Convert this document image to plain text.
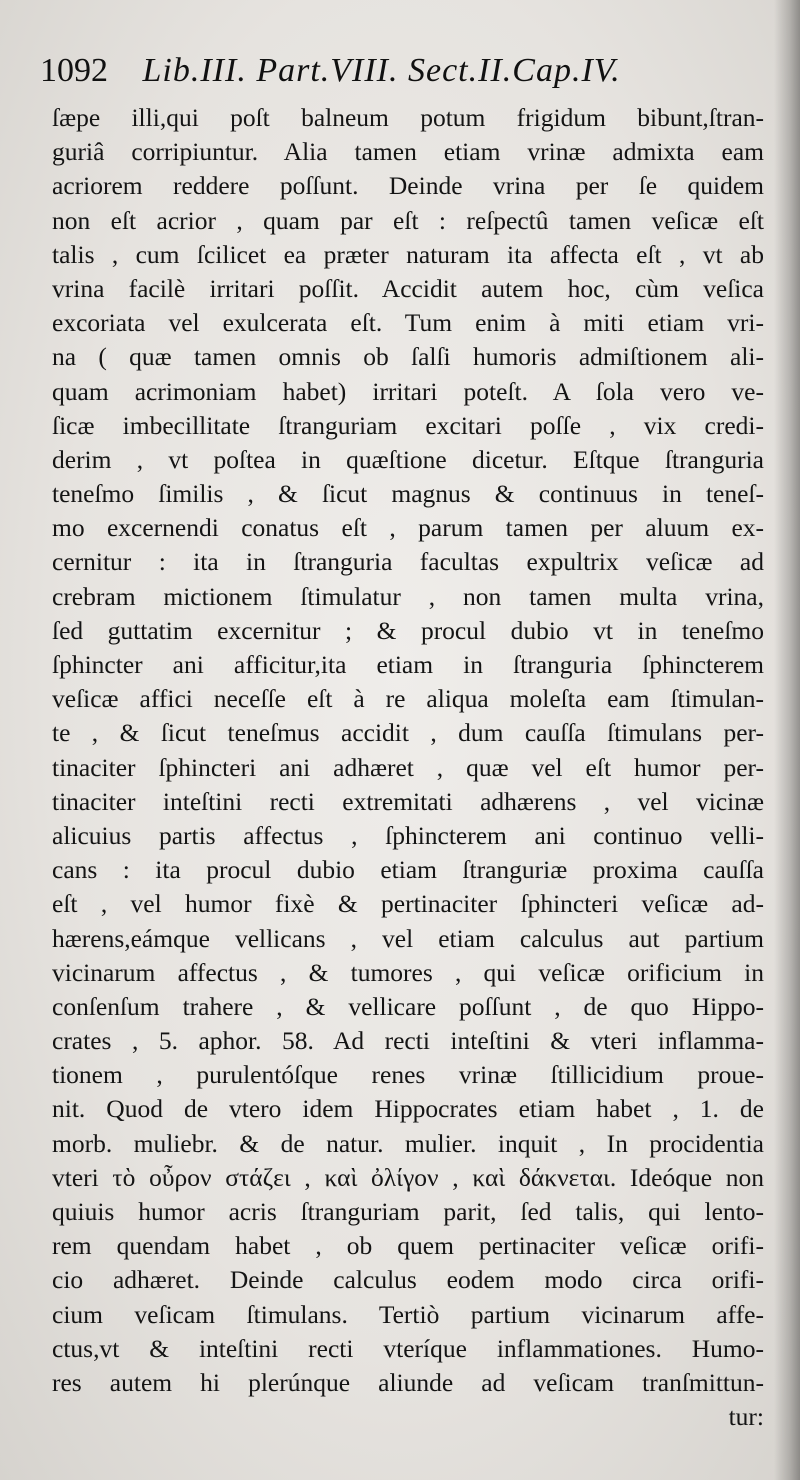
1092 Lib.III. Part.VIII. Sect.II.Cap.IV.
ſæpe illi,qui poſt balneum potum frigidum bibunt,ſtran-
guriâ corripiuntur. Alia tamen etiam vrinæ admixta eam
acriorem reddere poſſunt. Deinde vrina per ſe quidem
non eſt acrior , quam par eſt : reſpectû tamen veſicæ eſt
talis , cum ſcilicet ea præter naturam ita affecta eſt , vt ab
vrina facilè irritari poſſit. Accidit autem hoc, cùm veſica
excoriata vel exulcerata eſt. Tum enim à miti etiam vri-
na ( quæ tamen omnis ob ſalſi humoris admiſtionem ali-
quam acrimoniam habet) irritari poteſt. A ſola vero ve-
ſicæ imbecillitate ſtranguriam excitari poſſe , vix credi-
derim , vt poſtea in quæſtione dicetur. Eſtque ſtranguria
teneſmo ſimilis , & ſicut magnus & continuus in teneſ-
mo excernendi conatus eſt , parum tamen per aluum ex-
cernitur : ita in ſtranguria facultas expultrix veſicæ ad
crebram mictionem ſtimulatur , non tamen multa vrina,
ſed guttatim excernitur ; & procul dubio vt in teneſmo
ſphincter ani afficitur,ita etiam in ſtranguria ſphincterem
veſicæ affici neceſſe eſt à re aliqua moleſta eam ſtimulan-
te , & ſicut teneſmus accidit , dum cauſſa ſtimulans per-
tinaciter ſphincteri ani adhæret , quæ vel eſt humor per-
tinaciter inteſtini recti extremitati adhærens , vel vicinæ
alicuius partis affectus , ſphincterem ani continuo velli-
cans : ita procul dubio etiam ſtranguriæ proxima cauſſa
eſt , vel humor fixè & pertinaciter ſphincteri veſicæ ad-
hærens,eámque vellicans , vel etiam calculus aut partium
vicinarum affectus , & tumores , qui veſicæ orificium in
conſenſum trahere , & vellicare poſſunt , de quo Hippo-
crates , 5. aphor. 58. Ad recti inteſtini & vteri inflamma-
tionem , purulentóſque renes vrinæ ſtillicidium proue-
nit. Quod de vtero idem Hippocrates etiam habet , 1. de
morb. muliebr. & de natur. mulier. inquit , In procidentia
vteri τὸ οὖρον στάζει , καὶ ὀλίγον , καὶ δάκνεται. Ideóque non
quiuis humor acris ſtranguriam parit, ſed talis, qui lento-
rem quendam habet , ob quem pertinaciter veſicæ orifi-
cio adhæret. Deinde calculus eodem modo circa orifi-
cium veſicam ſtimulans. Tertiò partium vicinarum affe-
ctus,vt & inteſtini recti vteríque inflammationes. Humo-
res autem hi plerúnque aliunde ad veſicam tranſmittun-
tur:
